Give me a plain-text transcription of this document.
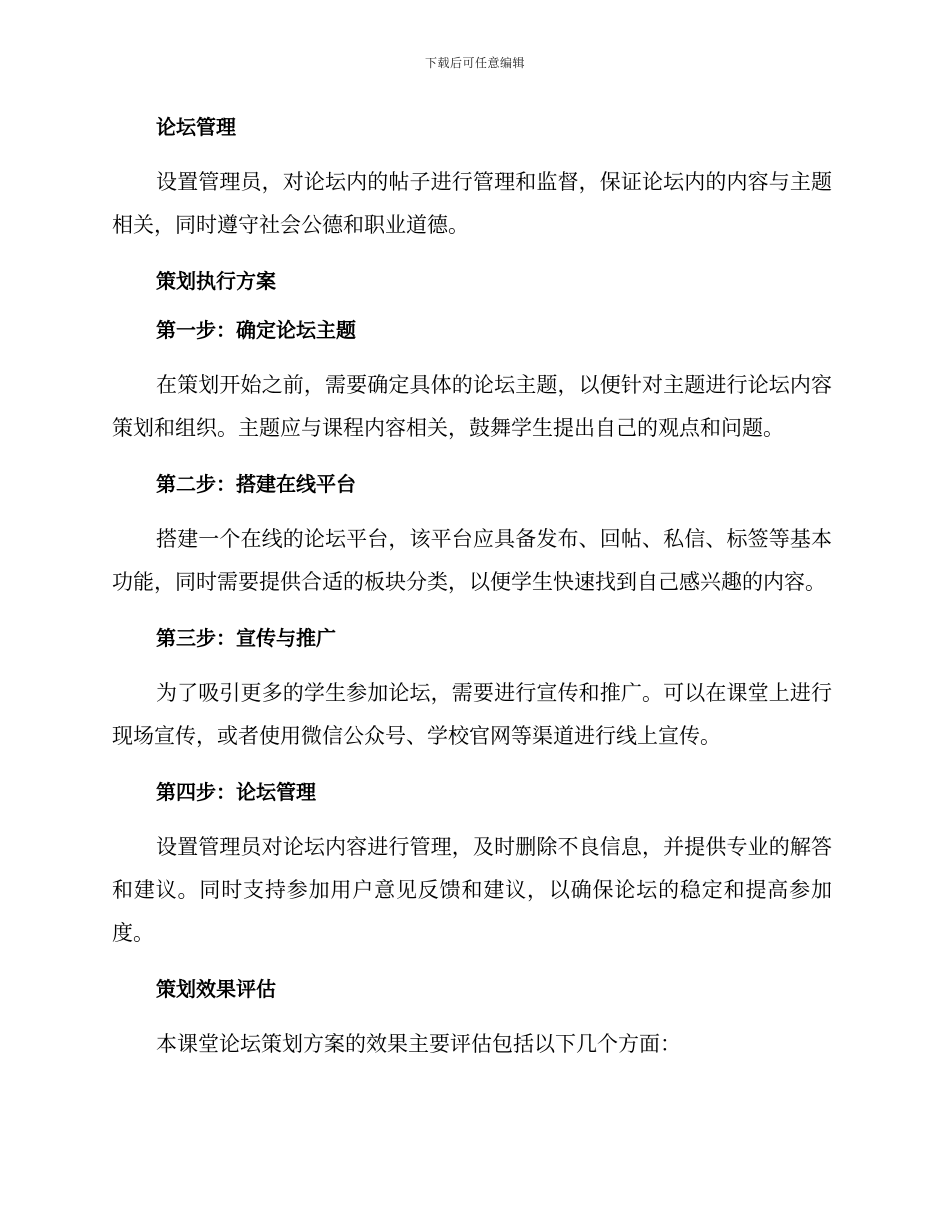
下载后可任意编辑
论坛管理

设置管理员，对论坛内的帖子进行管理和监督，保证论坛内的内容与主题相关，同时遵守社会公德和职业道德。

策划执行方案
第一步：确定论坛主题

在策划开始之前，需要确定具体的论坛主题，以便针对主题进行论坛内容策划和组织。主题应与课程内容相关，鼓舞学生提出自己的观点和问题。

第二步：搭建在线平台

搭建一个在线的论坛平台，该平台应具备发布、回帖、私信、标签等基本功能，同时需要提供合适的板块分类，以便学生快速找到自己感兴趣的内容。

第三步：宣传与推广

为了吸引更多的学生参加论坛，需要进行宣传和推广。可以在课堂上进行现场宣传，或者使用微信公众号、学校官网等渠道进行线上宣传。

第四步：论坛管理

设置管理员对论坛内容进行管理，及时删除不良信息，并提供专业的解答和建议。同时支持参加用户意见反馈和建议，以确保论坛的稳定和提高参加度。

策划效果评估

本课堂论坛策划方案的效果主要评估包括以下几个方面：
